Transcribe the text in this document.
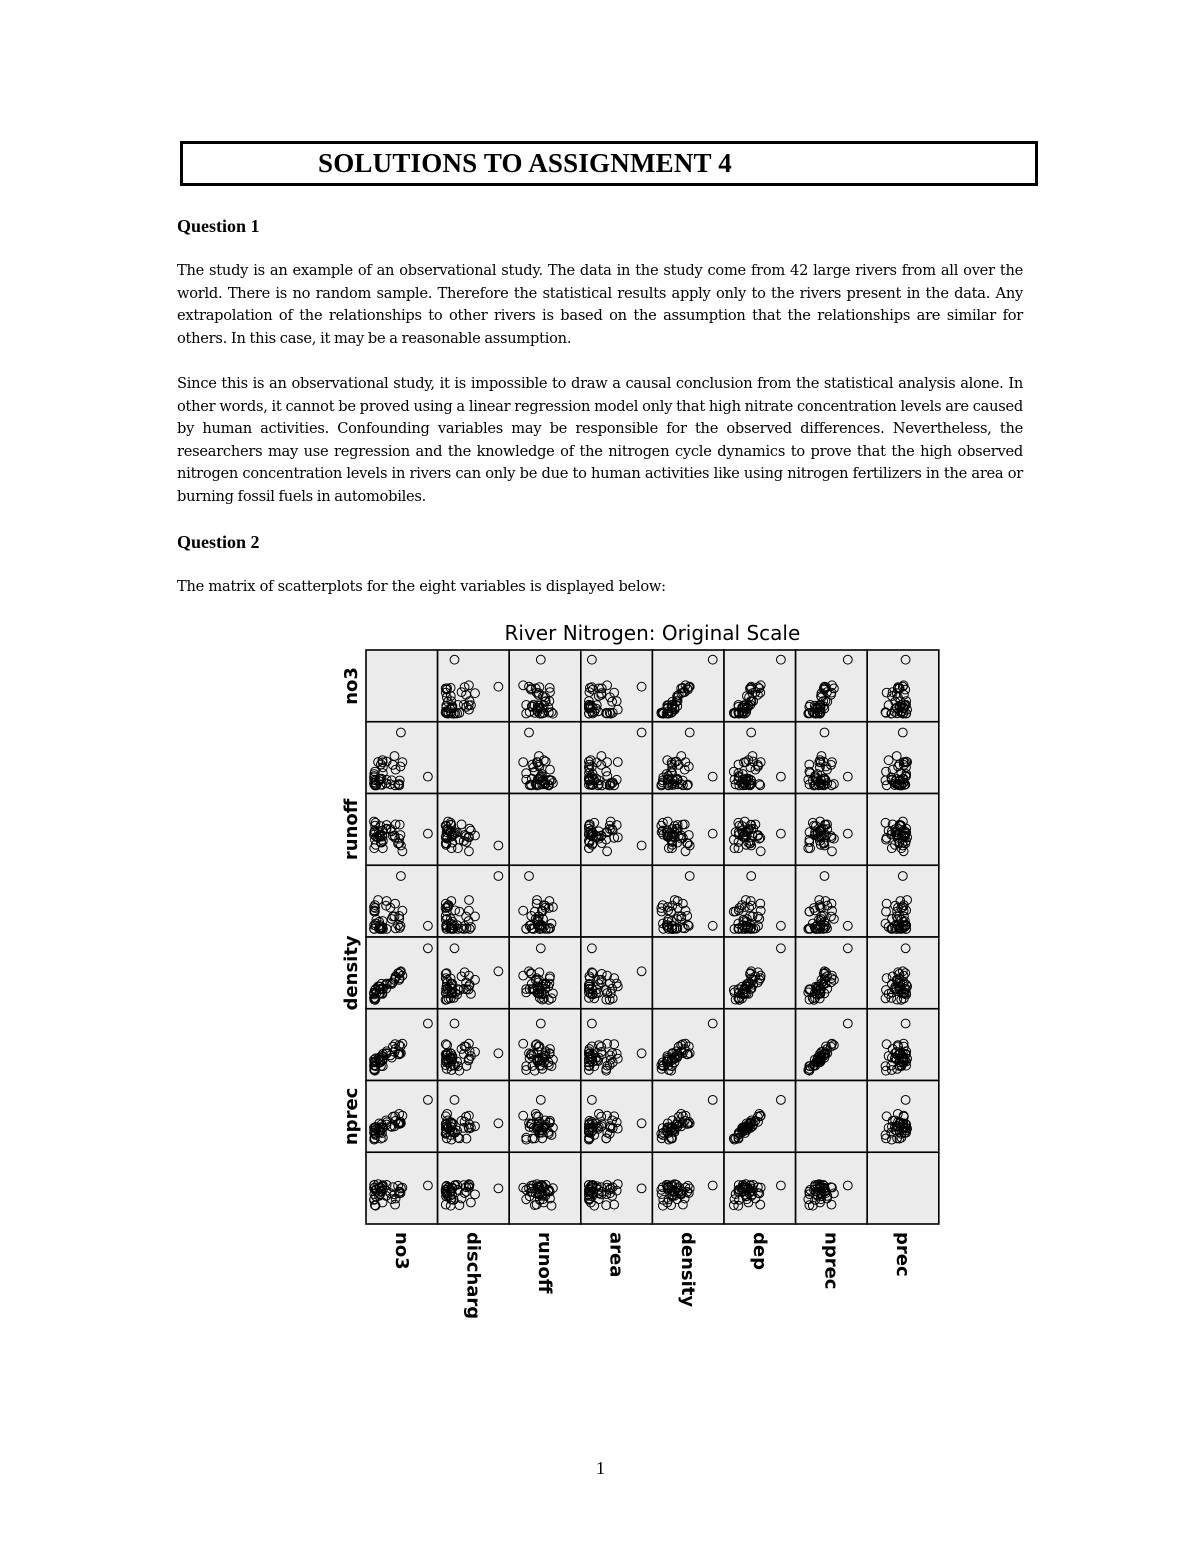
SOLUTIONS TO ASSIGNMENT 4
Question 1

The study is an example of an observational study. The data in the study come from 42 large rivers from all over the world. There is no random sample. Therefore the statistical results apply only to the rivers present in the data. Any extrapolation of the relationships to other rivers is based on the assumption that the relationships are similar for others. In this case, it may be a reasonable assumption.

Since this is an observational study, it is impossible to draw a causal conclusion from the statistical analysis alone. In other words, it cannot be proved using a linear regression model only that high nitrate concentration levels are caused by human activities. Confounding variables may be responsible for the observed differences. Nevertheless, the researchers may use regression and the knowledge of the nitrogen cycle dynamics to prove that the high observed nitrogen concentration levels in rivers can only be due to human activities like using nitrogen fertilizers in the area or burning fossil fuels in automobiles.

Question 2

The matrix of scatterplots for the eight variables is displayed below:

River Nitrogen: Original Scale
no3
runoff
density
nprec
no3	discharg	runoff	area	density	dep	nprec	prec
1
